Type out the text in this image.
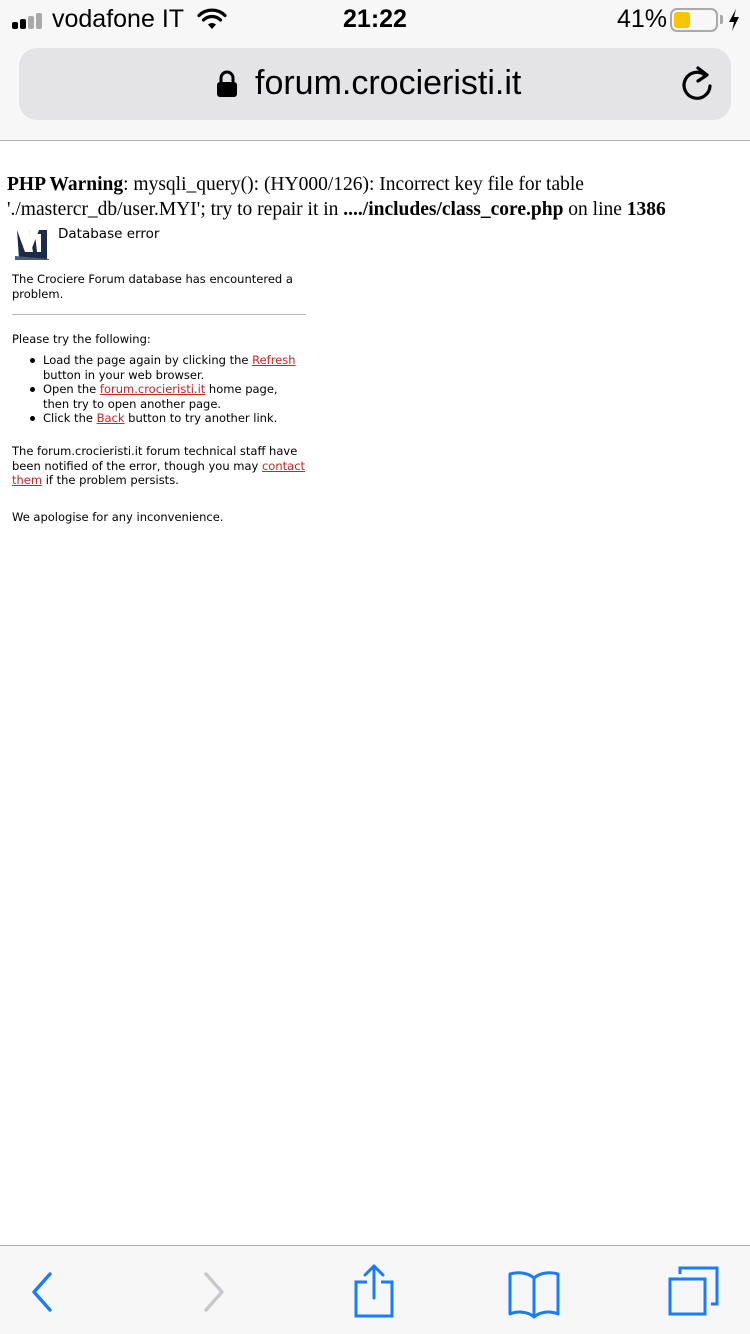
vodafone IT	21:22	41%
forum.crocieristi.it

PHP Warning: mysqli_query(): (HY000/126): Incorrect key file for table './mastercr_db/user.MYI'; try to repair it in ..../includes/class_core.php on line 1386

Database error

The Crociere Forum database has encountered a problem.

Please try the following:

Load the page again by clicking the Refresh button in your web browser.
Open the forum.crocieristi.it home page, then try to open another page.
Click the Back button to try another link.

The forum.crocieristi.it forum technical staff have been notified of the error, though you may contact them if the problem persists.

We apologise for any inconvenience.
